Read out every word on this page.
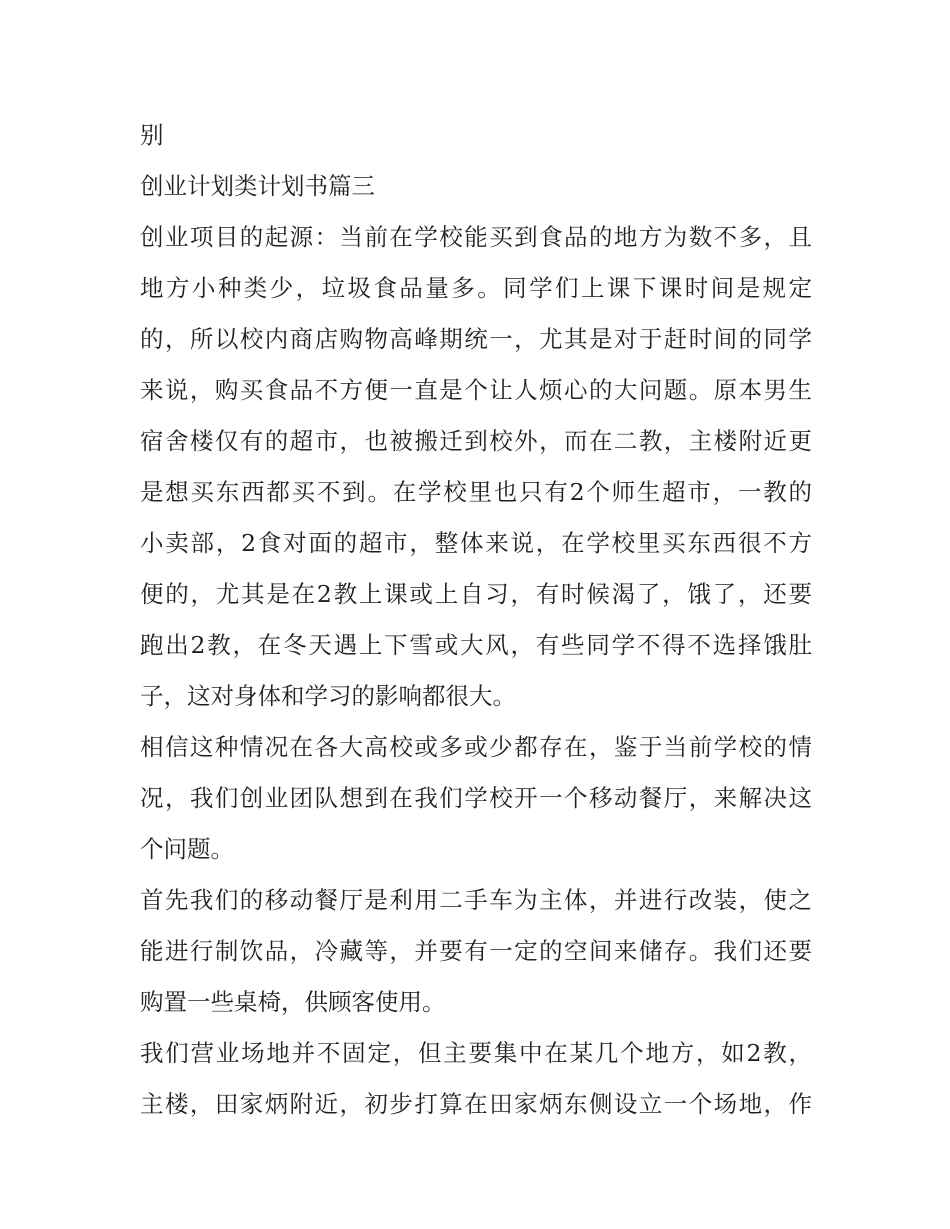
别
创业计划类计划书篇三
创业项目的起源：当前在学校能买到食品的地方为数不多，且
地方小种类少，垃圾食品量多。同学们上课下课时间是规定
的，所以校内商店购物高峰期统一，尤其是对于赶时间的同学
来说，购买食品不方便一直是个让人烦心的大问题。原本男生
宿舍楼仅有的超市，也被搬迁到校外，而在二教，主楼附近更
是想买东西都买不到。在学校里也只有2个师生超市，一教的
小卖部，2食对面的超市，整体来说，在学校里买东西很不方
便的，尤其是在2教上课或上自习，有时候渴了，饿了，还要
跑出2教，在冬天遇上下雪或大风，有些同学不得不选择饿肚
子，这对身体和学习的影响都很大。
相信这种情况在各大高校或多或少都存在，鉴于当前学校的情
况，我们创业团队想到在我们学校开一个移动餐厅，来解决这
个问题。
首先我们的移动餐厅是利用二手车为主体，并进行改装，使之
能进行制饮品，冷藏等，并要有一定的空间来储存。我们还要
购置一些桌椅，供顾客使用。
我们营业场地并不固定，但主要集中在某几个地方，如2教，
主楼，田家炳附近，初步打算在田家炳东侧设立一个场地，作
